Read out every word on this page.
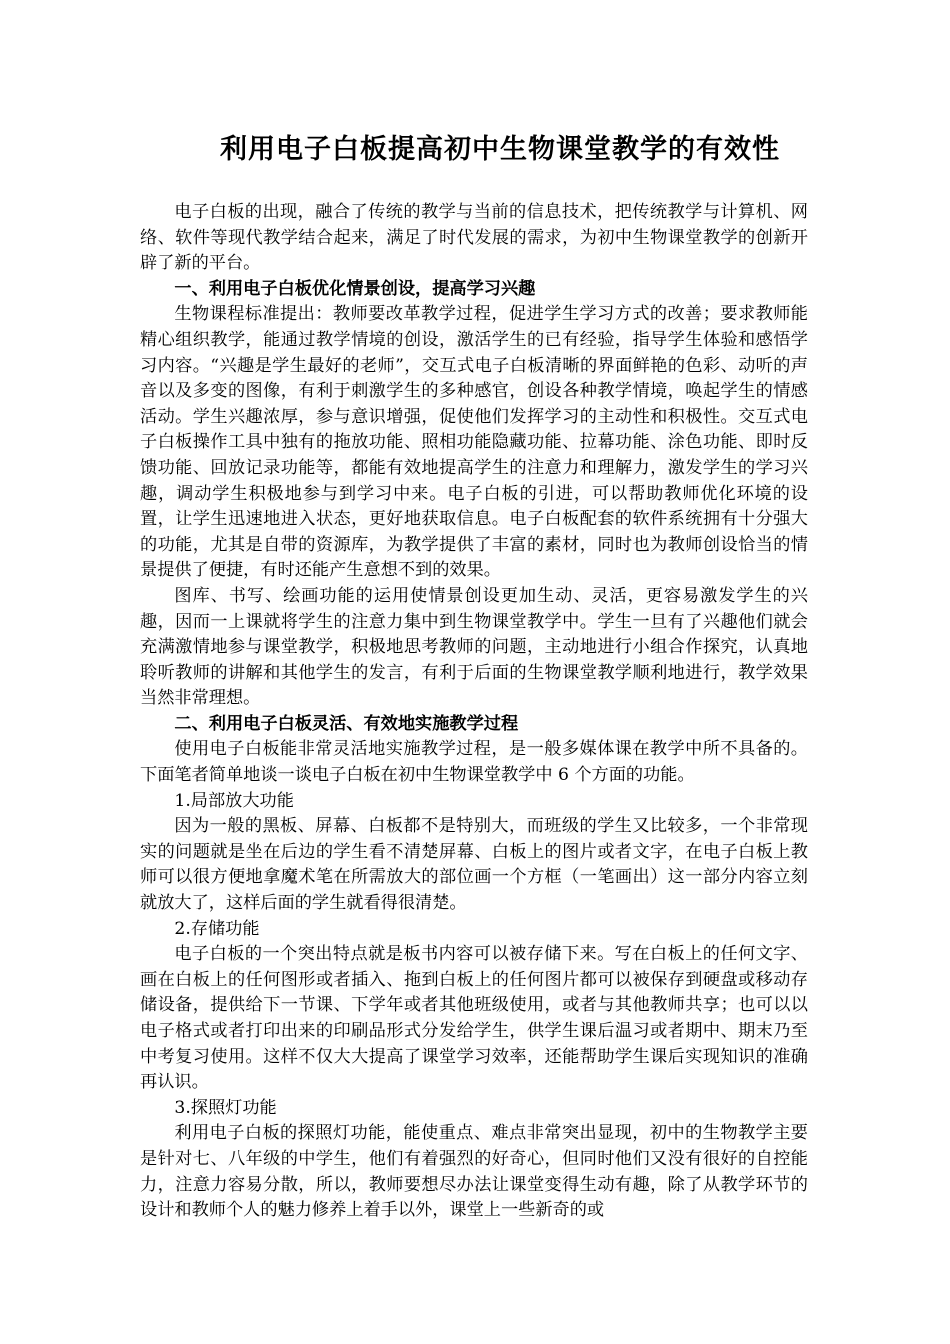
利用电子白板提高初中生物课堂教学的有效性

电子白板的出现，融合了传统的教学与当前的信息技术，把传统教学与计算机、网络、软件等现代教学结合起来，满足了时代发展的需求，为初中生物课堂教学的创新开辟了新的平台。

一、利用电子白板优化情景创设，提高学习兴趣

生物课程标准提出：教师要改革教学过程，促进学生学习方式的改善；要求教师能精心组织教学，能通过教学情境的创设，激活学生的已有经验，指导学生体验和感悟学习内容。“兴趣是学生最好的老师”，交互式电子白板清晰的界面鲜艳的色彩、动听的声音以及多变的图像，有利于刺激学生的多种感官，创设各种教学情境，唤起学生的情感活动。学生兴趣浓厚，参与意识增强，促使他们发挥学习的主动性和积极性。交互式电子白板操作工具中独有的拖放功能、照相功能隐藏功能、拉幕功能、涂色功能、即时反馈功能、回放记录功能等，都能有效地提高学生的注意力和理解力，激发学生的学习兴趣，调动学生积极地参与到学习中来。电子白板的引进，可以帮助教师优化环境的设置，让学生迅速地进入状态，更好地获取信息。电子白板配套的软件系统拥有十分强大的功能，尤其是自带的资源库，为教学提供了丰富的素材，同时也为教师创设恰当的情景提供了便捷，有时还能产生意想不到的效果。

图库、书写、绘画功能的运用使情景创设更加生动、灵活，更容易激发学生的兴趣，因而一上课就将学生的注意力集中到生物课堂教学中。学生一旦有了兴趣他们就会充满激情地参与课堂教学，积极地思考教师的问题，主动地进行小组合作探究，认真地聆听教师的讲解和其他学生的发言，有利于后面的生物课堂教学顺利地进行，教学效果当然非常理想。

二、利用电子白板灵活、有效地实施教学过程

使用电子白板能非常灵活地实施教学过程，是一般多媒体课在教学中所不具备的。下面笔者简单地谈一谈电子白板在初中生物课堂教学中 6 个方面的功能。

1.局部放大功能

因为一般的黑板、屏幕、白板都不是特别大，而班级的学生又比较多，一个非常现实的问题就是坐在后边的学生看不清楚屏幕、白板上的图片或者文字，在电子白板上教师可以很方便地拿魔术笔在所需放大的部位画一个方框（一笔画出）这一部分内容立刻就放大了，这样后面的学生就看得很清楚。

2.存储功能

电子白板的一个突出特点就是板书内容可以被存储下来。写在白板上的任何文字、画在白板上的任何图形或者插入、拖到白板上的任何图片都可以被保存到硬盘或移动存储设备，提供给下一节课、下学年或者其他班级使用，或者与其他教师共享；也可以以电子格式或者打印出来的印刷品形式分发给学生，供学生课后温习或者期中、期末乃至中考复习使用。这样不仅大大提高了课堂学习效率，还能帮助学生课后实现知识的准确再认识。

3.探照灯功能

利用电子白板的探照灯功能，能使重点、难点非常突出显现，初中的生物教学主要是针对七、八年级的中学生，他们有着强烈的好奇心，但同时他们又没有很好的自控能力，注意力容易分散，所以，教师要想尽办法让课堂变得生动有趣，除了从教学环节的设计和教师个人的魅力修养上着手以外，课堂上一些新奇的或
